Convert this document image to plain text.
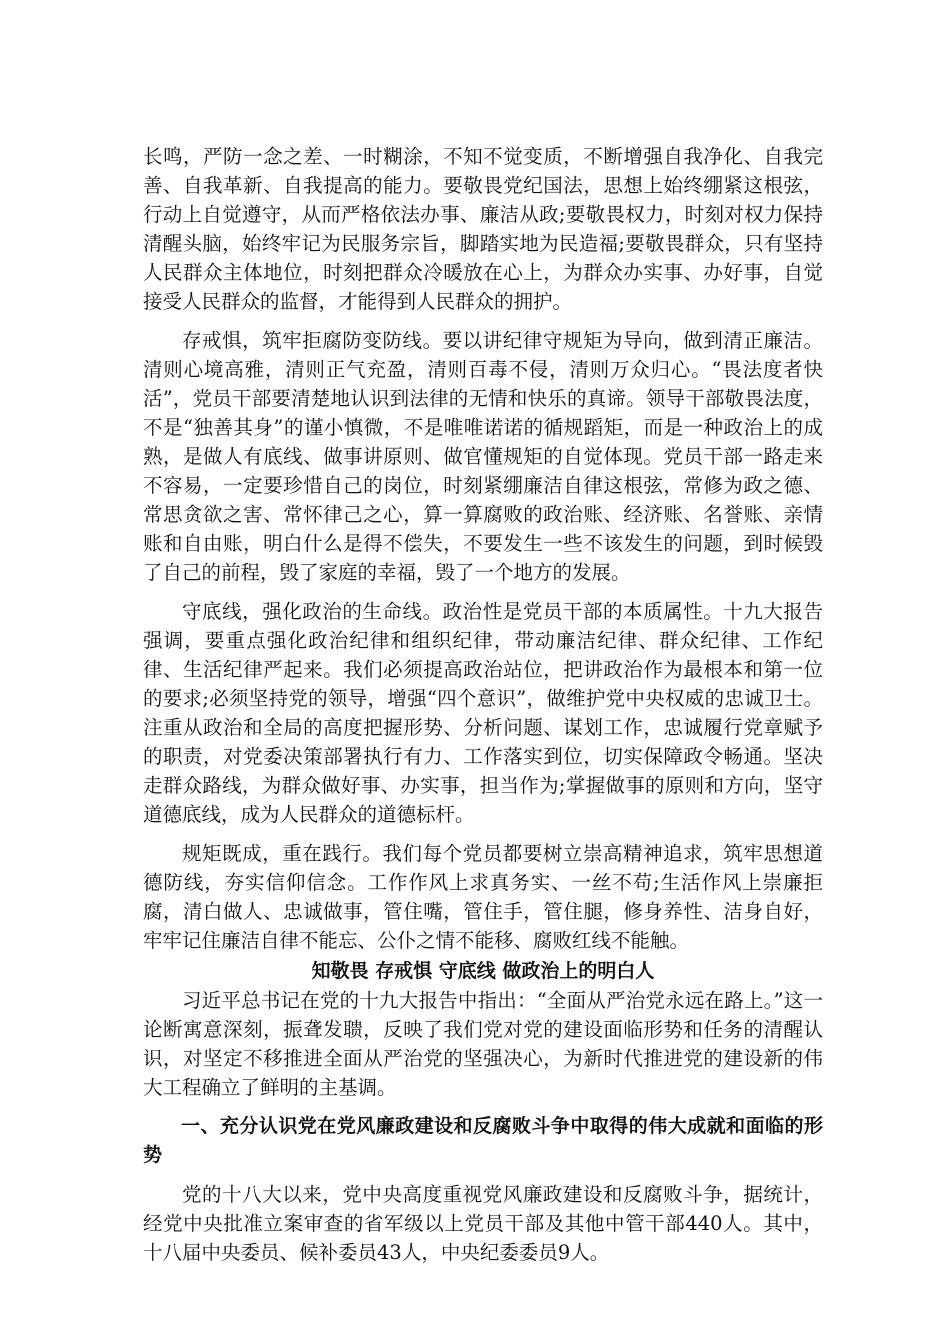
长鸣，严防一念之差、一时糊涂，不知不觉变质，不断增强自我净化、自我完善、自我革新、自我提高的能力。要敬畏党纪国法，思想上始终绷紧这根弦，行动上自觉遵守，从而严格依法办事、廉洁从政;要敬畏权力，时刻对权力保持清醒头脑，始终牢记为民服务宗旨，脚踏实地为民造福;要敬畏群众，只有坚持人民群众主体地位，时刻把群众冷暖放在心上，为群众办实事、办好事，自觉接受人民群众的监督，才能得到人民群众的拥护。

存戒惧，筑牢拒腐防变防线。要以讲纪律守规矩为导向，做到清正廉洁。清则心境高雅，清则正气充盈，清则百毒不侵，清则万众归心。“畏法度者快活”，党员干部要清楚地认识到法律的无情和快乐的真谛。领导干部敬畏法度，不是“独善其身”的谨小慎微，不是唯唯诺诺的循规蹈矩，而是一种政治上的成熟，是做人有底线、做事讲原则、做官懂规矩的自觉体现。党员干部一路走来不容易，一定要珍惜自己的岗位，时刻紧绷廉洁自律这根弦，常修为政之德、常思贪欲之害、常怀律己之心，算一算腐败的政治账、经济账、名誉账、亲情账和自由账，明白什么是得不偿失，不要发生一些不该发生的问题，到时候毁了自己的前程，毁了家庭的幸福，毁了一个地方的发展。

守底线，强化政治的生命线。政治性是党员干部的本质属性。十九大报告强调，要重点强化政治纪律和组织纪律，带动廉洁纪律、群众纪律、工作纪律、生活纪律严起来。我们必须提高政治站位，把讲政治作为最根本和第一位的要求;必须坚持党的领导，增强“四个意识”，做维护党中央权威的忠诚卫士。注重从政治和全局的高度把握形势、分析问题、谋划工作，忠诚履行党章赋予的职责，对党委决策部署执行有力、工作落实到位，切实保障政令畅通。坚决走群众路线，为群众做好事、办实事，担当作为;掌握做事的原则和方向，坚守道德底线，成为人民群众的道德标杆。

规矩既成，重在践行。我们每个党员都要树立崇高精神追求，筑牢思想道德防线，夯实信仰信念。工作作风上求真务实、一丝不苟;生活作风上崇廉拒腐，清白做人、忠诚做事，管住嘴，管住手，管住腿，修身养性、洁身自好，牢牢记住廉洁自律不能忘、公仆之情不能移、腐败红线不能触。

知敬畏 存戒惧 守底线 做政治上的明白人

习近平总书记在党的十九大报告中指出：“全面从严治党永远在路上。”这一论断寓意深刻，振聋发聩，反映了我们党对党的建设面临形势和任务的清醒认识，对坚定不移推进全面从严治党的坚强决心，为新时代推进党的建设新的伟大工程确立了鲜明的主基调。

一、充分认识党在党风廉政建设和反腐败斗争中取得的伟大成就和面临的形势

党的十八大以来，党中央高度重视党风廉政建设和反腐败斗争，据统计，经党中央批准立案审查的省军级以上党员干部及其他中管干部440人。其中，十八届中央委员、候补委员43人，中央纪委委员9人。
